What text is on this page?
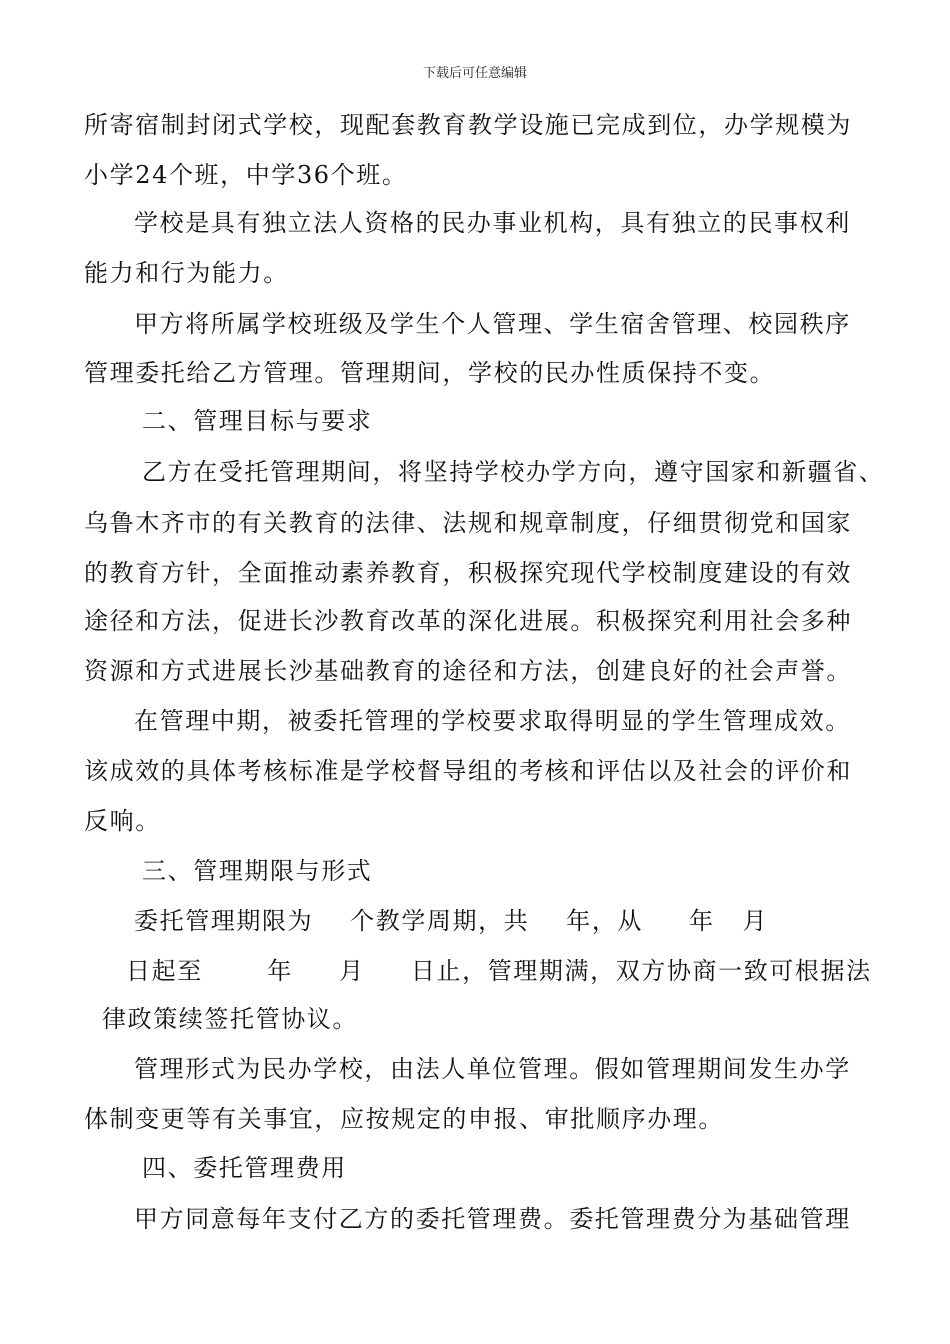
下载后可任意编辑
所寄宿制封闭式学校，现配套教育教学设施已完成到位，办学规模为
小学24个班，中学36个班。
学校是具有独立法人资格的民办事业机构，具有独立的民事权利
能力和行为能力。
甲方将所属学校班级及学生个人管理、学生宿舍管理、校园秩序
管理委托给乙方管理。管理期间，学校的民办性质保持不变。
二、管理目标与要求
乙方在受托管理期间，将坚持学校办学方向，遵守国家和新疆省、
乌鲁木齐市的有关教育的法律、法规和规章制度，仔细贯彻党和国家
的教育方针，全面推动素养教育，积极探究现代学校制度建设的有效
途径和方法，促进长沙教育改革的深化进展。积极探究利用社会多种
资源和方式进展长沙基础教育的途径和方法，创建良好的社会声誉。
在管理中期，被委托管理的学校要求取得明显的学生管理成效。
该成效的具体考核标准是学校督导组的考核和评估以及社会的评价和
反响。
三、管理期限与形式
委托管理期限为    个教学周期，共    年，从     年   月
日起至       年     月     日止，管理期满，双方协商一致可根据法
律政策续签托管协议。
管理形式为民办学校，由法人单位管理。假如管理期间发生办学
体制变更等有关事宜，应按规定的申报、审批顺序办理。
四、委托管理费用
甲方同意每年支付乙方的委托管理费。委托管理费分为基础管理
